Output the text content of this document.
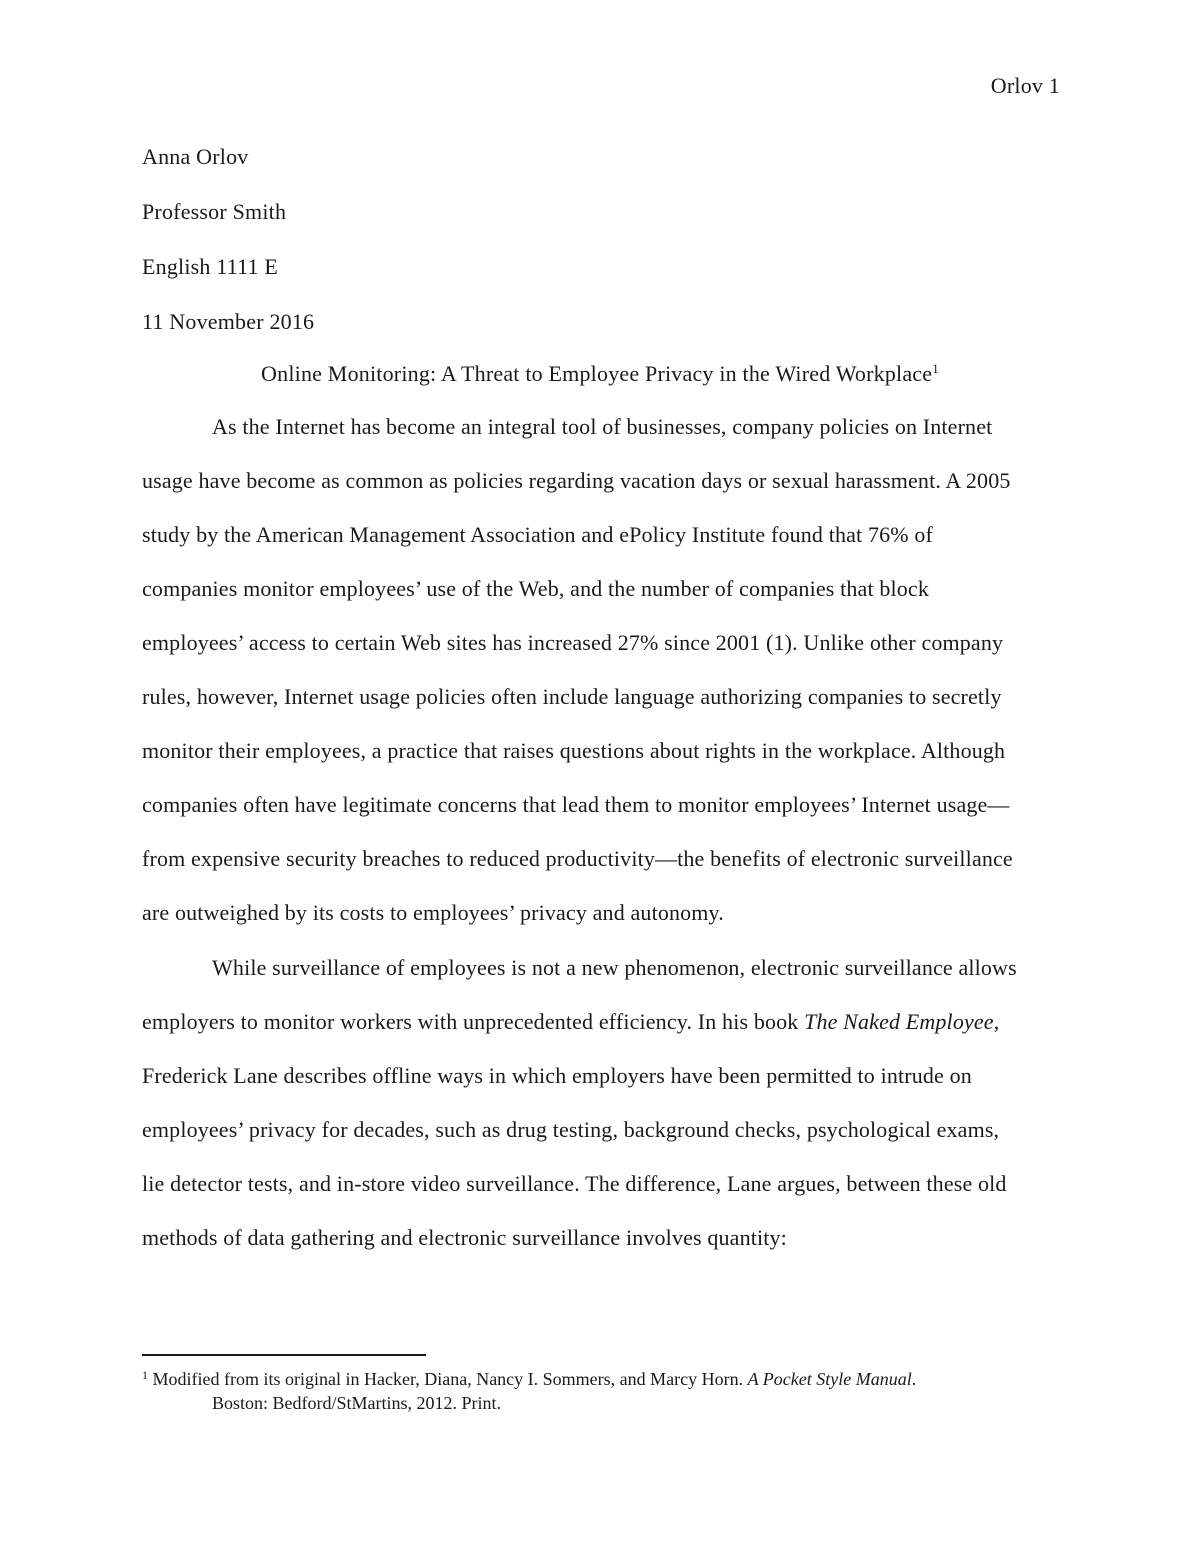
Orlov 1
Anna Orlov
Professor Smith
English 1111 E
11 November 2016
Online Monitoring: A Threat to Employee Privacy in the Wired Workplace$^1$
As the Internet has become an integral tool of businesses, company policies on Internet
usage have become as common as policies regarding vacation days or sexual harassment. A 2005
study by the American Management Association and ePolicy Institute found that 76% of
companies monitor employees’ use of the Web, and the number of companies that block
employees’ access to certain Web sites has increased 27% since 2001 (1). Unlike other company
rules, however, Internet usage policies often include language authorizing companies to secretly
monitor their employees, a practice that raises questions about rights in the workplace. Although
companies often have legitimate concerns that lead them to monitor employees’ Internet usage—
from expensive security breaches to reduced productivity—the benefits of electronic surveillance
are outweighed by its costs to employees’ privacy and autonomy.
While surveillance of employees is not a new phenomenon, electronic surveillance allows
employers to monitor workers with unprecedented efficiency. In his book The Naked Employee,
Frederick Lane describes offline ways in which employers have been permitted to intrude on
employees’ privacy for decades, such as drug testing, background checks, psychological exams,
lie detector tests, and in-store video surveillance. The difference, Lane argues, between these old
methods of data gathering and electronic surveillance involves quantity:
$^1$ Modified from its original in Hacker, Diana, Nancy I. Sommers, and Marcy Horn. A Pocket Style Manual.
Boston: Bedford/StMartins, 2012. Print.
